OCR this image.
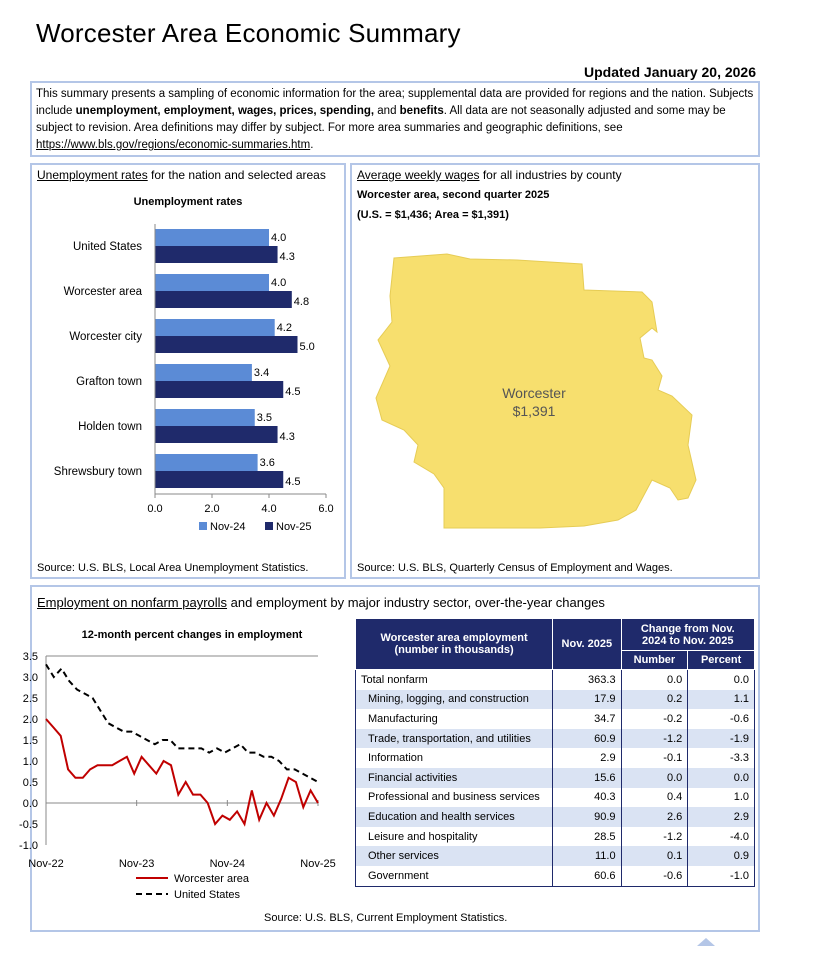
Worcester Area Economic Summary
Updated January 20, 2026
This summary presents a sampling of economic information for the area; supplemental data are provided for regions and the nation. Subjects include unemployment, employment, wages, prices, spending, and benefits. All data are not seasonally adjusted and some may be subject to revision. Area definitions may differ by subject. For more area summaries and geographic definitions, see https://www.bls.gov/regions/economic-summaries.htm.
Unemployment rates for the nation and selected areas
Unemployment rates
United States
4.0
4.3
Worcester area
4.0
4.8
Worcester city
4.2
5.0
Grafton town
3.4
4.5
Holden town
3.5
4.3
Shrewsbury town
3.6
4.5
0.0	2.0	4.0	6.0
Nov-24	Nov-25
Source: U.S. BLS, Local Area Unemployment Statistics.
Average weekly wages for all industries by county
Worcester area, second quarter 2025
(U.S. = $1,436; Area = $1,391)
Worcester
$1,391
Source: U.S. BLS, Quarterly Census of Employment and Wages.
Employment on nonfarm payrolls and employment by major industry sector, over-the-year changes
12-month percent changes in employment
3.5
3.0
2.5
2.0
1.5
1.0
0.5
0.0
-0.5
-1.0
Nov-22	Nov-23	Nov-24	Nov-25
Worcester area
United States
Worcester area employment
(number in thousands)	Nov. 2025	Change from Nov.
2024 to Nov. 2025	
		Number	Percent
Total nonfarm	363.3	0.0	0.0
Mining, logging, and construction	17.9	0.2	1.1
Manufacturing	34.7	-0.2	-0.6
Trade, transportation, and utilities	60.9	-1.2	-1.9
Information	2.9	-0.1	-3.3
Financial activities	15.6	0.0	0.0
Professional and business services	40.3	0.4	1.0
Education and health services	90.9	2.6	2.9
Leisure and hospitality	28.5	-1.2	-4.0
Other services	11.0	0.1	0.9
Government	60.6	-0.6	-1.0
Source: U.S. BLS, Current Employment Statistics.
